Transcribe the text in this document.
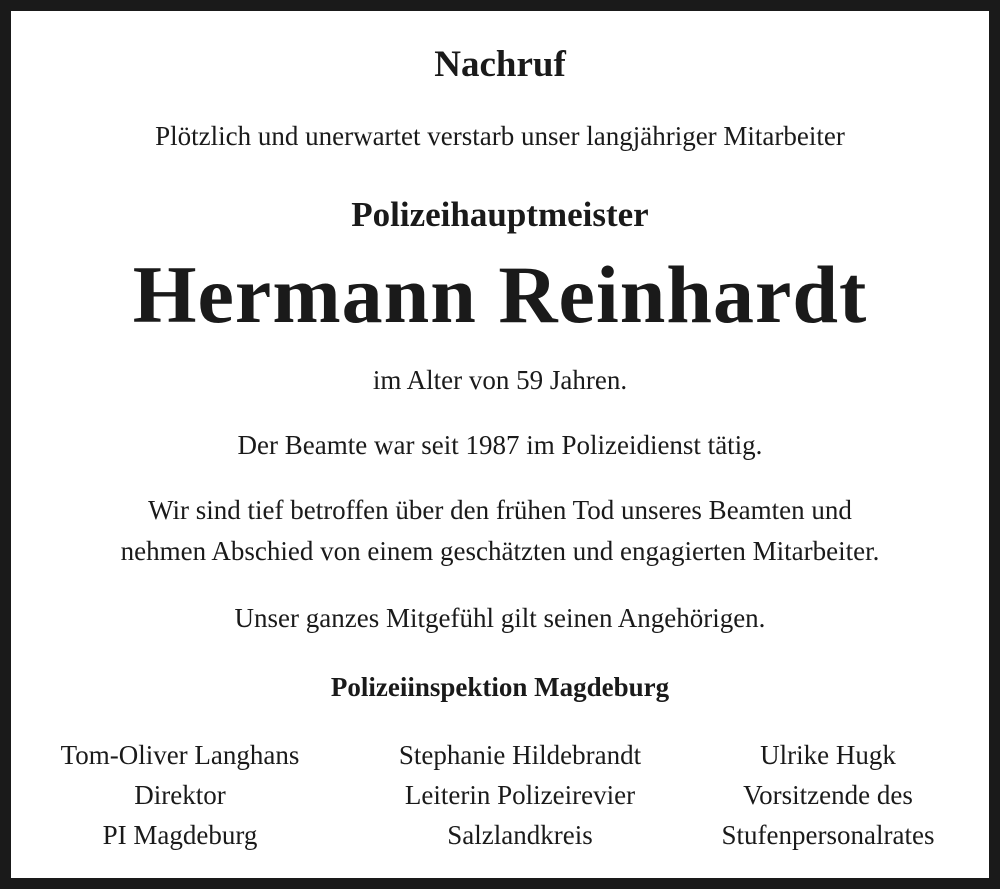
Nachruf
Plötzlich und unerwartet verstarb unser langjähriger Mitarbeiter
Polizeihauptmeister
Hermann Reinhardt
im Alter von 59 Jahren.
Der Beamte war seit 1987 im Polizeidienst tätig.
Wir sind tief betroffen über den frühen Tod unseres Beamten und
nehmen Abschied von einem geschätzten und engagierten Mitarbeiter.
Unser ganzes Mitgefühl gilt seinen Angehörigen.
Polizeiinspektion Magdeburg
Tom-Oliver Langhans
Direktor
PI Magdeburg
Stephanie Hildebrandt
Leiterin Polizeirevier
Salzlandkreis
Ulrike Hugk
Vorsitzende des
Stufenpersonalrates
